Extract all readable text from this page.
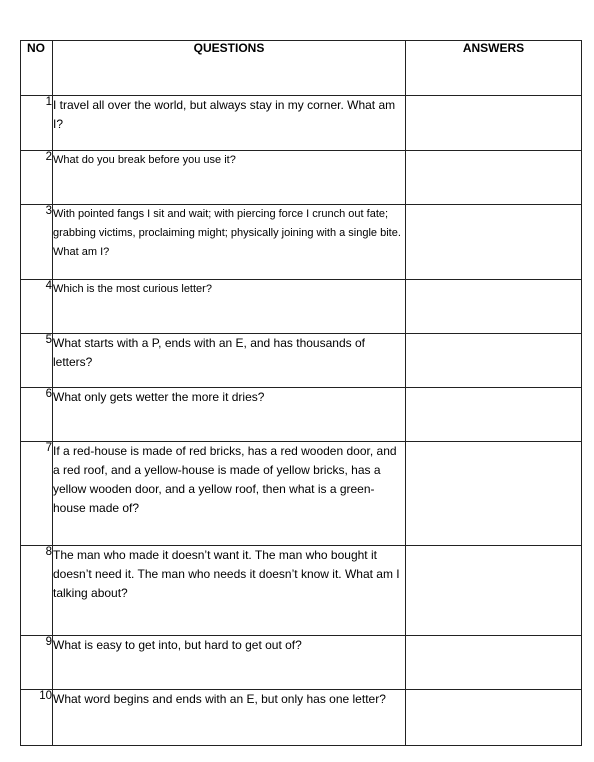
NO	QUESTIONS	ANSWERS
1	I travel all over the world, but always stay in my corner. What am I?	
2	What do you break before you use it?	
3	With pointed fangs I sit and wait; with piercing force I crunch out fate; grabbing victims, proclaiming might; physically joining with a single bite. What am I?	
4	Which is the most curious letter?	
5	What starts with a P, ends with an E, and has thousands of letters?	
6	What only gets wetter the more it dries?	
7	If a red-house is made of red bricks, has a red wooden door, and a red roof, and a yellow-house is made of yellow bricks, has a yellow wooden door, and a yellow roof, then what is a green-house made of?	
8	The man who made it doesn’t want it. The man who bought it doesn’t need it. The man who needs it doesn’t know it. What am I talking about?	
9	What is easy to get into, but hard to get out of?	
10	What word begins and ends with an E, but only has one letter?	
